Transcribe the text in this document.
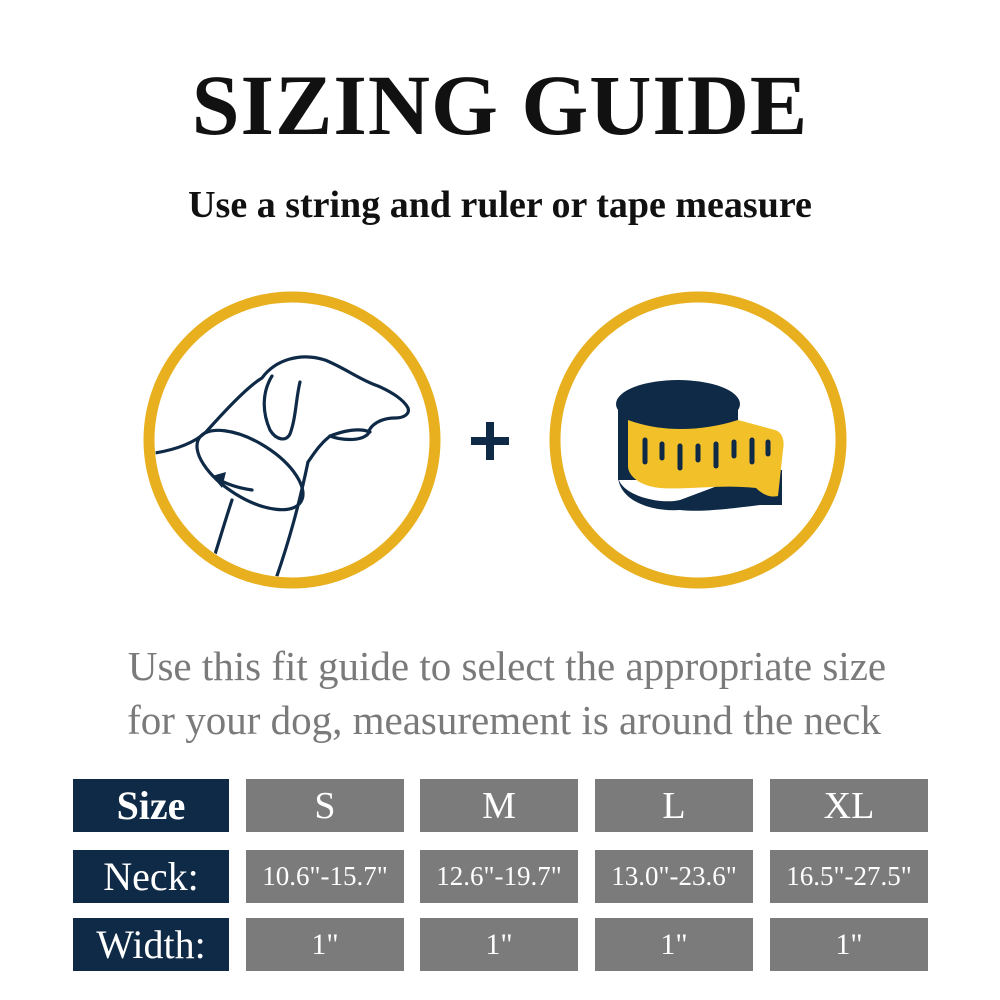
SIZING GUIDE
Use a string and ruler or tape measure
Use this fit guide to select the appropriate size
for your dog, measurement is around the neck
Size	S	M	L	XL
Neck:	10.6"-15.7"	12.6"-19.7"	13.0"-23.6"	16.5"-27.5"
Width:	1"	1"	1"	1"
